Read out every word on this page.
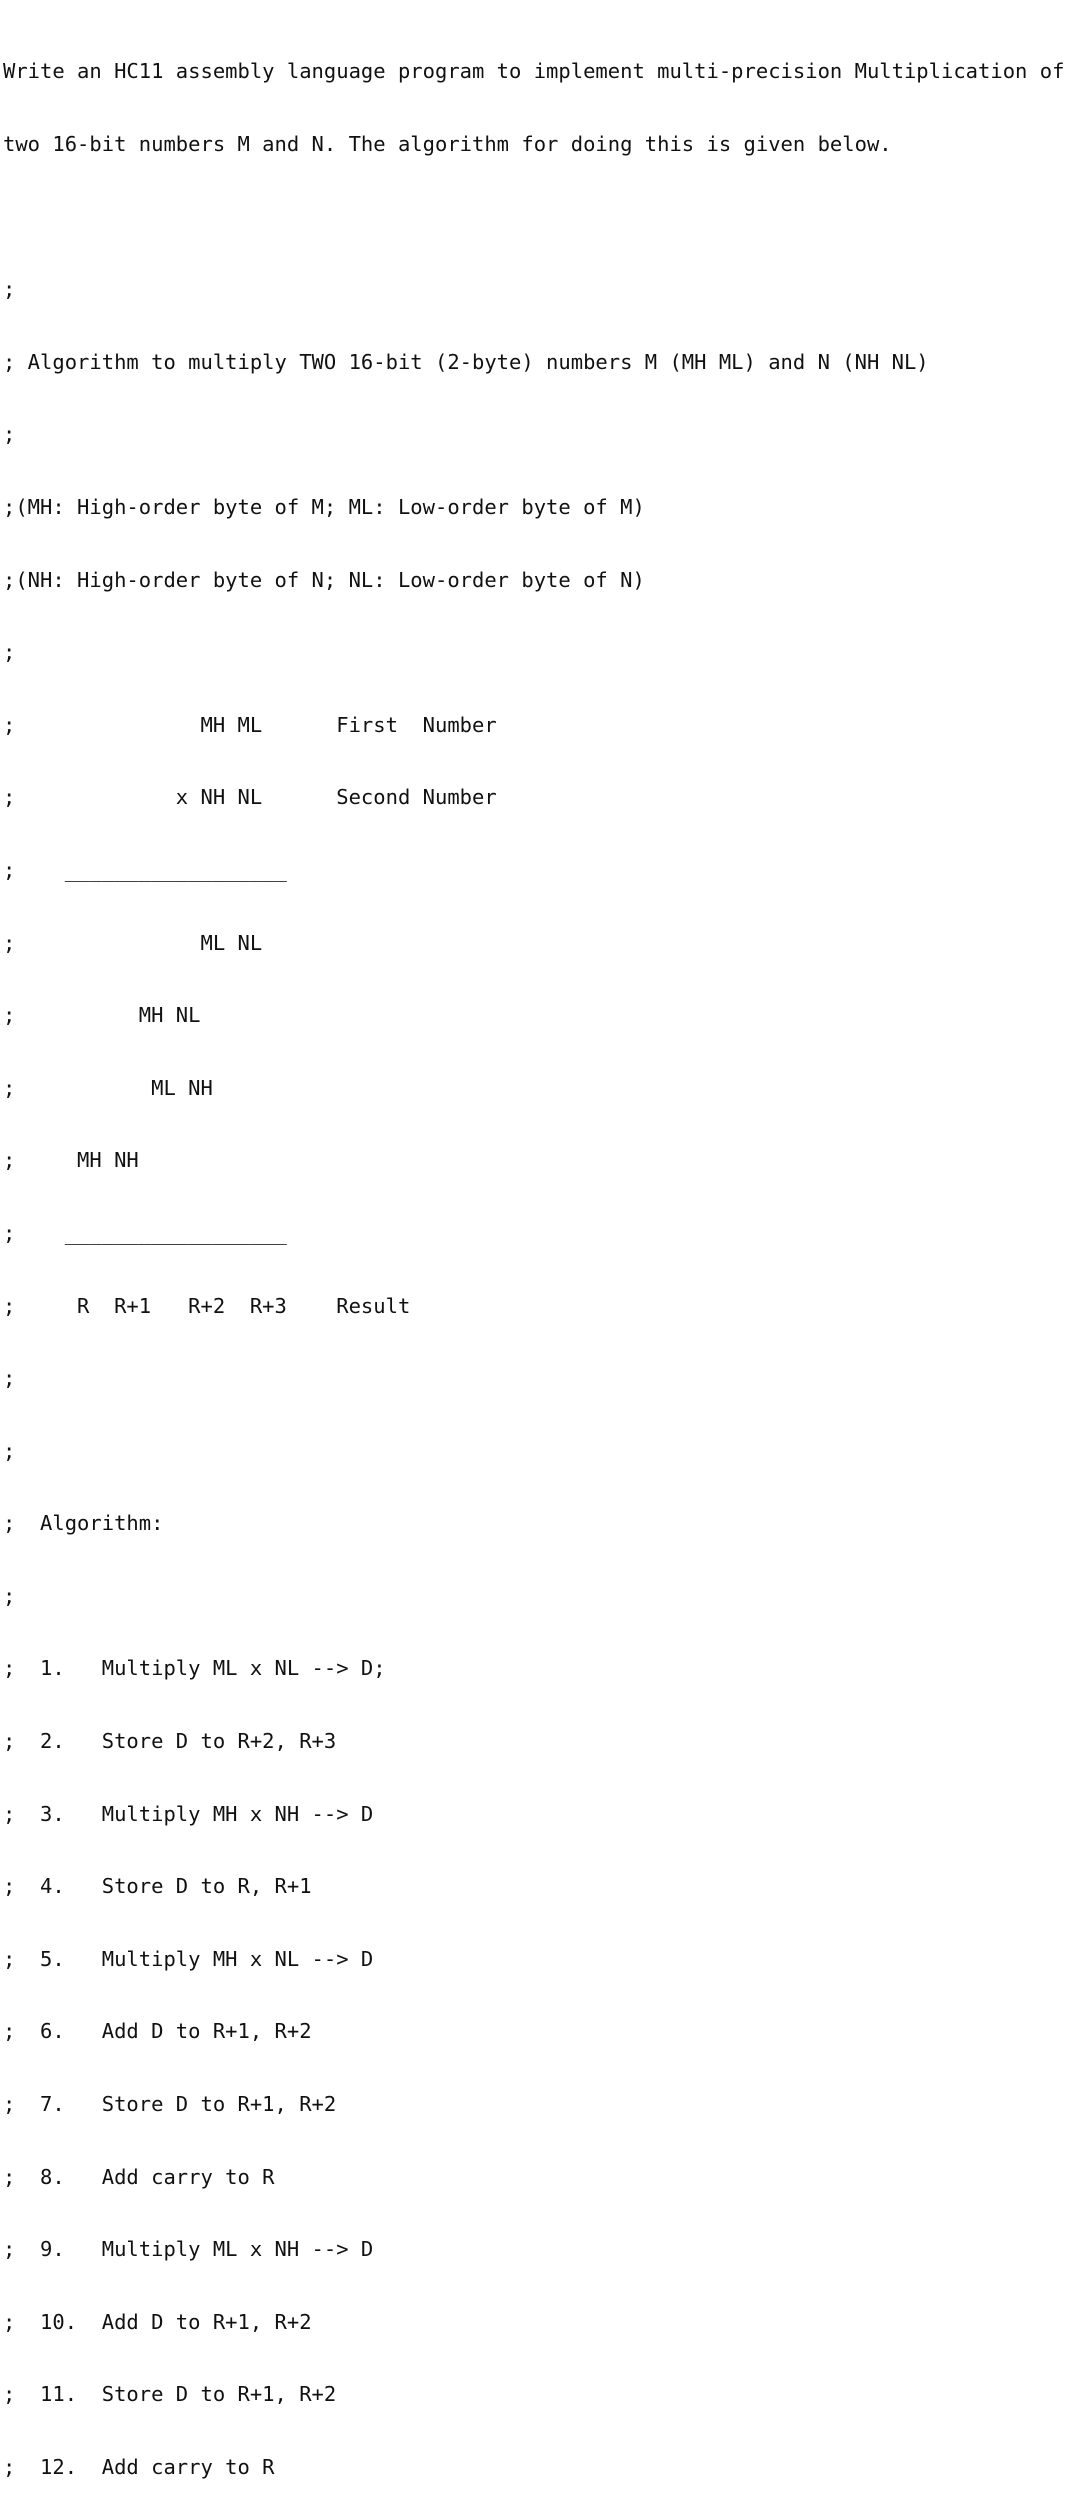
Write an HC11 assembly language program to implement multi-precision Multiplication of

two 16-bit numbers M and N. The algorithm for doing this is given below.

;

; Algorithm to multiply TWO 16-bit (2-byte) numbers M (MH ML) and N (NH NL)

;

;(MH: High-order byte of M; ML: Low-order byte of M)

;(NH: High-order byte of N; NL: Low-order byte of N)

;

;               MH ML      First  Number

;             x NH NL      Second Number

;    __________________

;               ML NL

;          MH NL

;           ML NH

;     MH NH

;    __________________

;     R  R+1   R+2  R+3    Result

;

;

;  Algorithm:

;

;  1.   Multiply ML x NL --> D;

;  2.   Store D to R+2, R+3

;  3.   Multiply MH x NH --> D

;  4.   Store D to R, R+1

;  5.   Multiply MH x NL --> D

;  6.   Add D to R+1, R+2

;  7.   Store D to R+1, R+2

;  8.   Add carry to R

;  9.   Multiply ML x NH --> D

;  10.  Add D to R+1, R+2

;  11.  Store D to R+1, R+2

;  12.  Add carry to R
